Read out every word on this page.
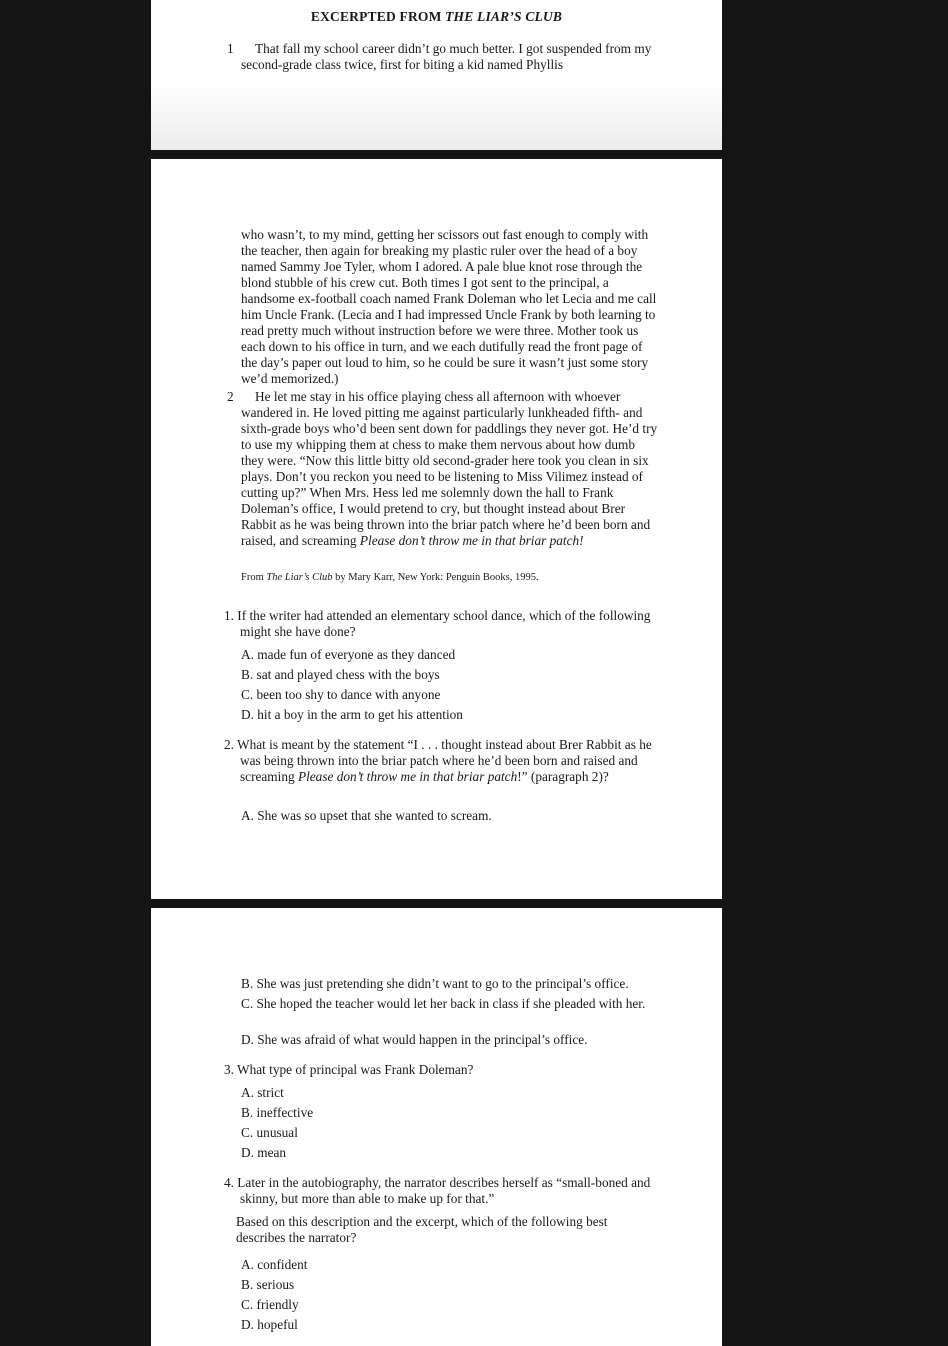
EXCERPTED FROM THE LIAR’S CLUB
1 That fall my school career didn’t go much better. I got suspended from my second-grade class twice, first for biting a kid named Phyllis
who wasn’t, to my mind, getting her scissors out fast enough to comply with the teacher, then again for breaking my plastic ruler over the head of a boy named Sammy Joe Tyler, whom I adored. A pale blue knot rose through the blond stubble of his crew cut. Both times I got sent to the principal, a handsome ex-football coach named Frank Doleman who let Lecia and me call him Uncle Frank. (Lecia and I had impressed Uncle Frank by both learning to read pretty much without instruction before we were three. Mother took us each down to his office in turn, and we each dutifully read the front page of the day’s paper out loud to him, so he could be sure it wasn’t just some story we’d memorized.)
2 He let me stay in his office playing chess all afternoon with whoever wandered in. He loved pitting me against particularly lunkheaded fifth- and sixth-grade boys who’d been sent down for paddlings they never got. He’d try to use my whipping them at chess to make them nervous about how dumb they were. “Now this little bitty old second-grader here took you clean in six plays. Don’t you reckon you need to be listening to Miss Vilimez instead of cutting up?” When Mrs. Hess led me solemnly down the hall to Frank Doleman’s office, I would pretend to cry, but thought instead about Brer Rabbit as he was being thrown into the briar patch where he’d been born and raised, and screaming Please don’t throw me in that briar patch!
From The Liar’s Club by Mary Karr, New York: Penguin Books, 1995.
1. If the writer had attended an elementary school dance, which of the following might she have done?
A. made fun of everyone as they danced
B. sat and played chess with the boys
C. been too shy to dance with anyone
D. hit a boy in the arm to get his attention
2. What is meant by the statement “I . . . thought instead about Brer Rabbit as he was being thrown into the briar patch where he’d been born and raised and screaming Please don’t throw me in that briar patch!” (paragraph 2)?
A. She was so upset that she wanted to scream.
B. She was just pretending she didn’t want to go to the principal’s office.
C. She hoped the teacher would let her back in class if she pleaded with her.
D. She was afraid of what would happen in the principal’s office.
3. What type of principal was Frank Doleman?
A. strict
B. ineffective
C. unusual
D. mean
4. Later in the autobiography, the narrator describes herself as “small-boned and skinny, but more than able to make up for that.”
Based on this description and the excerpt, which of the following best describes the narrator?
A. confident
B. serious
C. friendly
D. hopeful
